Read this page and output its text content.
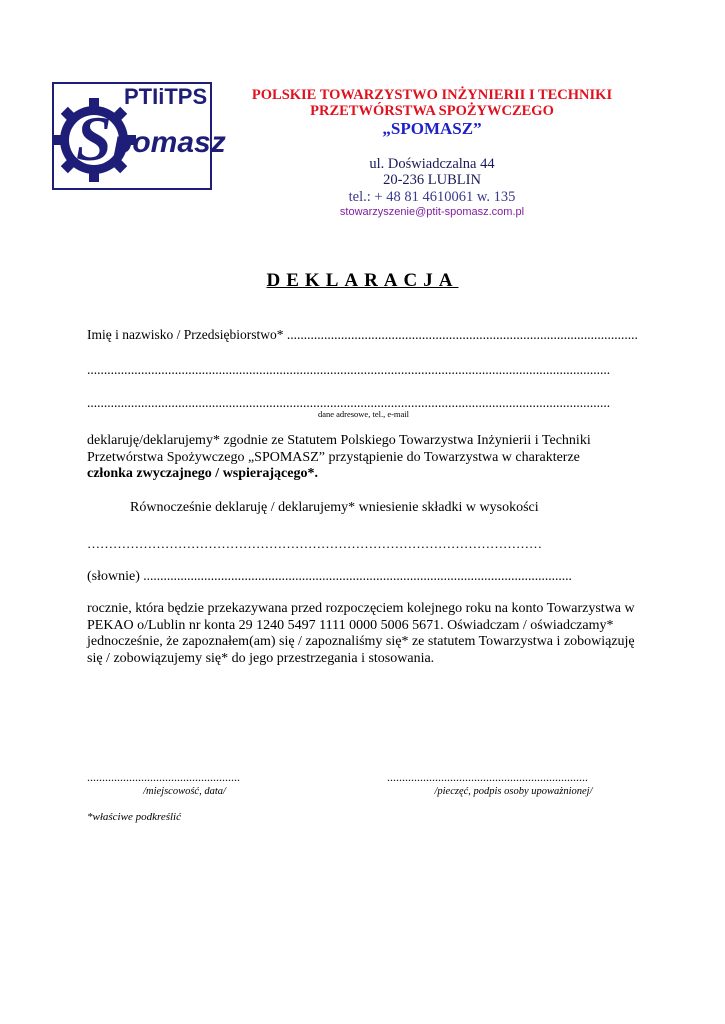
S
PTIiTPS
pomasz
POLSKIE TOWARZYSTWO INŻYNIERII I TECHNIKI
PRZETWÓRSTWA SPOŻYWCZEGO
„SPOMASZ”
ul. Doświadczalna 44
20-236 LUBLIN
tel.: + 48 81 4610061 w. 135
stowarzyszenie@ptit-spomasz.com.pl
DEKLARACJA
Imię i nazwisko / Przedsiębiorstwo* ........................................................................................................
...........................................................................................................................................................
...........................................................................................................................................................
dane adresowe, tel., e-mail
deklaruję/deklarujemy* zgodnie ze Statutem Polskiego Towarzystwa Inżynierii i Techniki Przetwórstwa Spożywczego „SPOMASZ” przystąpienie do Towarzystwa w charakterze
członka zwyczajnego / wspierającego*.
Równocześnie deklaruję / deklarujemy* wniesienie składki w wysokości
……………………………………………………………………………………………
(słownie) ...............................................................................................................................
rocznie, która będzie przekazywana przed rozpoczęciem kolejnego roku na konto Towarzystwa w PEKAO o/Lublin nr konta 29 1240 5497 1111 0000 5006 5671. Oświadczam / oświadczamy* jednocześnie, że zapoznałem(am) się / zapoznaliśmy się* ze statutem Towarzystwa i zobowiązuję się / zobowiązujemy się* do jego przestrzegania i stosowania.
...................................................
/miejscowość, data/
...................................................................
/pieczęć, podpis osoby upoważnionej/
*właściwe podkreślić
